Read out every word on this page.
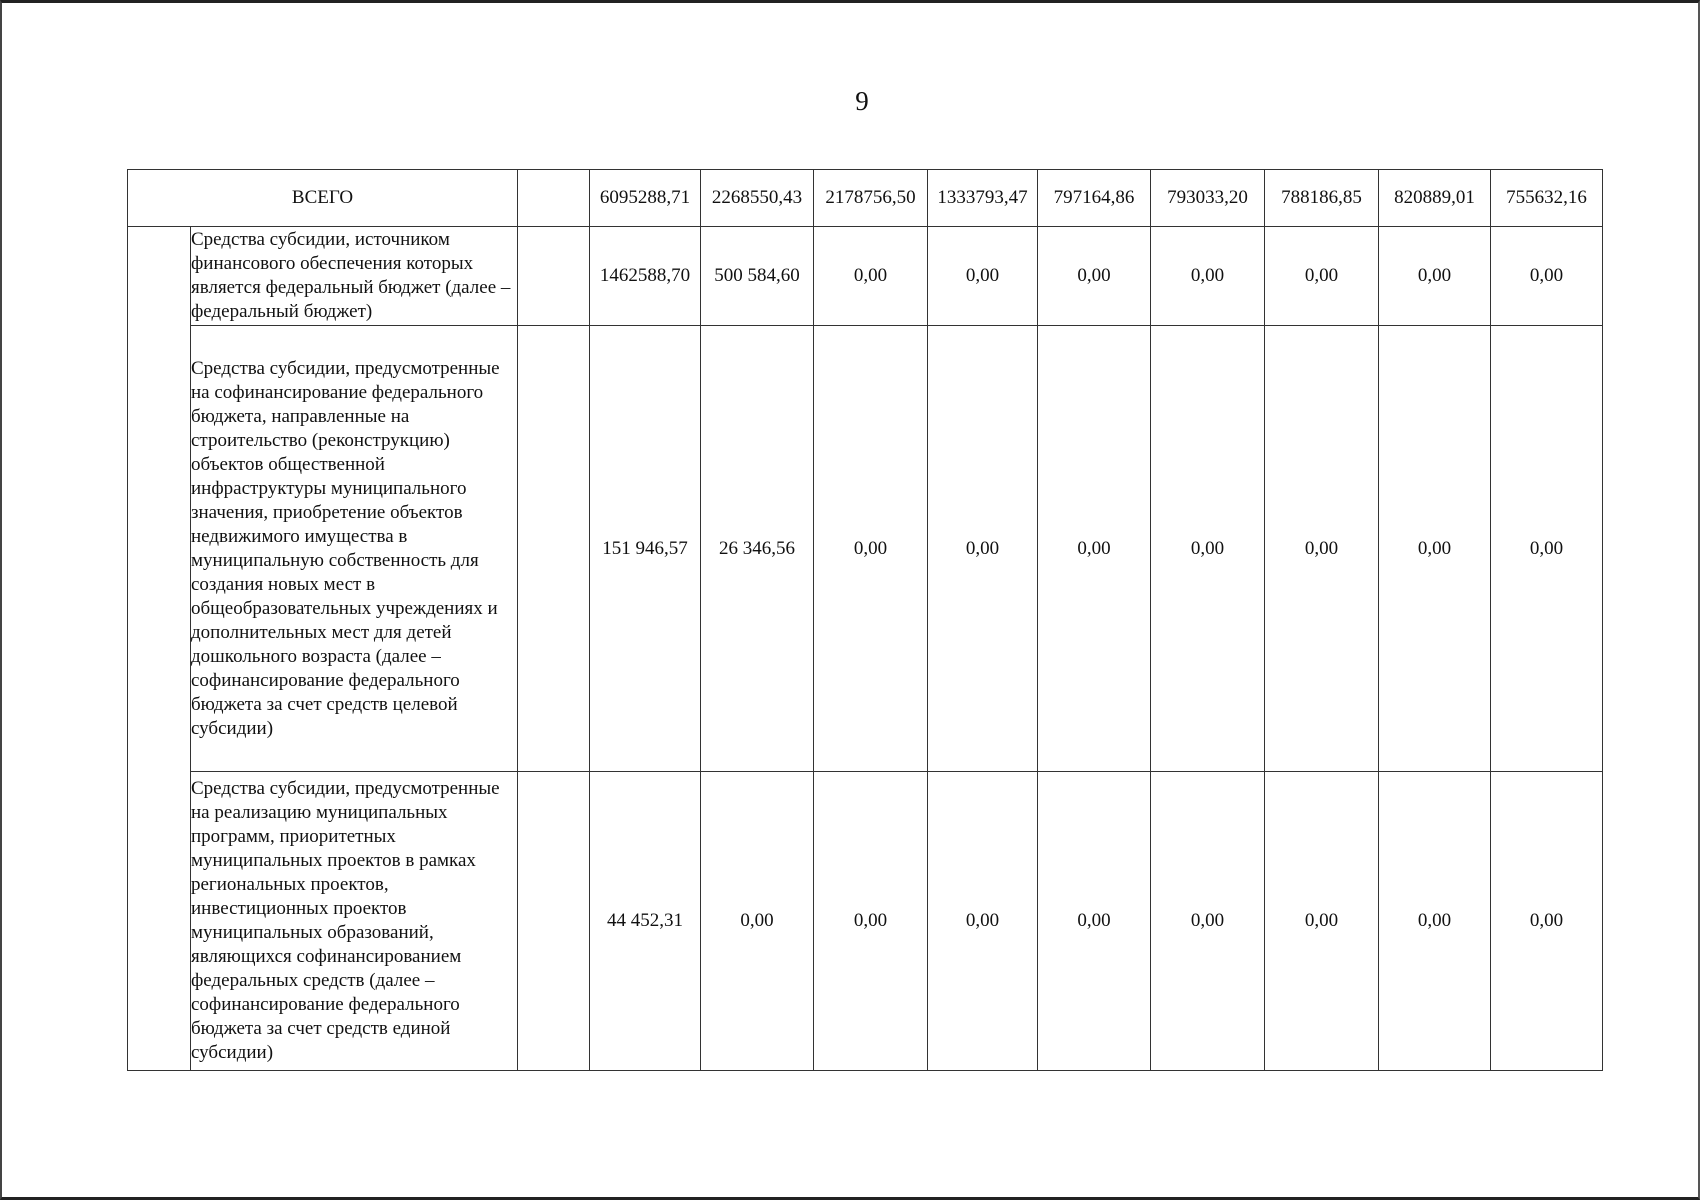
9
ВСЕГО			6095288,71	2268550,43	2178756,50	1333793,47	797164,86	793033,20	788186,85	820889,01	755632,16
	Средства субсидии, источником финансового обеспечения которых является федеральный бюджет (далее – федеральный бюджет)		1462588,70	500 584,60	0,00	0,00	0,00	0,00	0,00	0,00	0,00
	Средства субсидии, предусмотренные на софинансирование федерального бюджета, направленные на строительство (реконструкцию) объектов общественной инфраструктуры муниципального значения, приобретение объектов недвижимого имущества в муниципальную собственность для создания новых мест в общеобразовательных учреждениях и дополнительных мест для детей дошкольного возраста (далее – софинансирование федерального бюджета за счет средств целевой субсидии)		151 946,57	26 346,56	0,00	0,00	0,00	0,00	0,00	0,00	0,00
	Средства субсидии, предусмотренные на реализацию муниципальных программ, приоритетных муниципальных проектов в рамках региональных проектов, инвестиционных проектов муниципальных образований, являющихся софинансированием федеральных средств (далее – софинансирование федерального бюджета за счет средств единой субсидии)		44 452,31	0,00	0,00	0,00	0,00	0,00	0,00	0,00	0,00
